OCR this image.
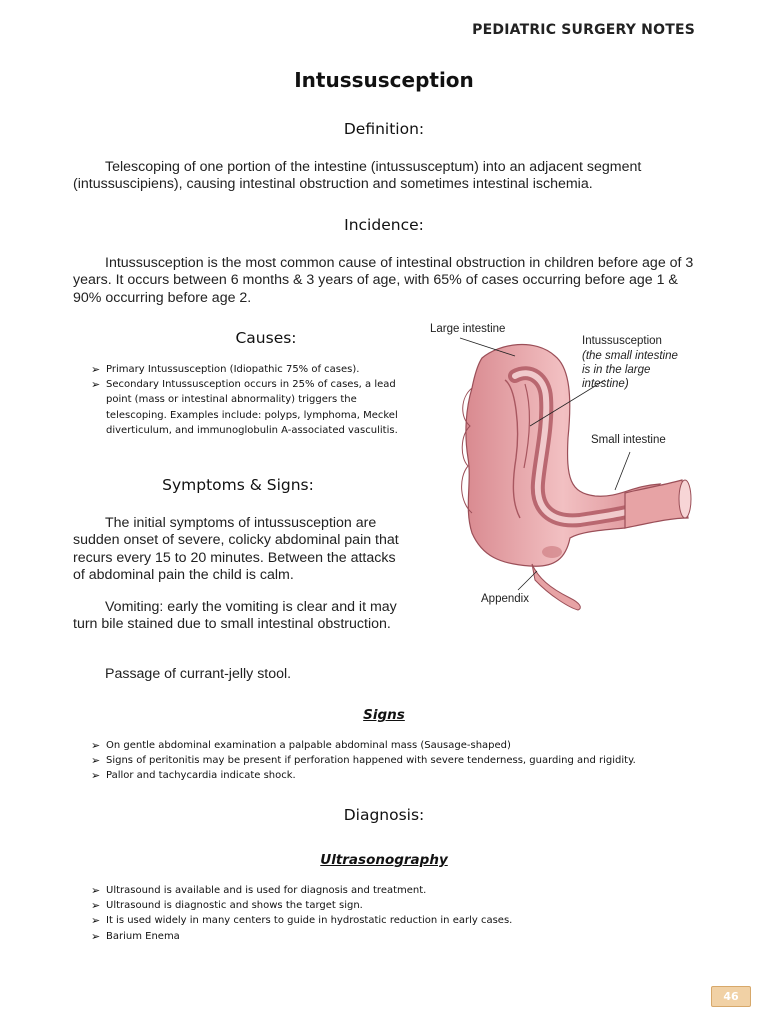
PEDIATRIC SURGERY NOTES
Intussusception
Definition:

Telescoping of one portion of the intestine (intussusceptum) into an adjacent segment (intussuscipiens), causing intestinal obstruction and sometimes intestinal ischemia.

Incidence:

Intussusception is the most common cause of intestinal obstruction in children before age of 3 years. It occurs between 6 months & 3 years of age, with 65% of cases occurring before age 1 & 90% occurring before age 2.

Causes:
➢ Primary Intussusception (Idiopathic 75% of cases).
➢ Secondary Intussusception occurs in 25% of cases, a lead point (mass or intestinal abnormality) triggers the telescoping. Examples include: polyps, lymphoma, Meckel diverticulum, and immunoglobulin A-associated vasculitis.
Symptoms & Signs:

The initial symptoms of intussusception are sudden onset of severe, colicky abdominal pain that recurs every 15 to 20 minutes. Between the attacks of abdominal pain the child is calm.

Vomiting: early the vomiting is clear and it may turn bile stained due to small intestinal obstruction.

Passage of currant-jelly stool.

Large intestine
Intussusception
(the small intestine
is in the large
intestine)
Small intestine
Appendix
Signs
➢ On gentle abdominal examination a palpable abdominal mass (Sausage-shaped)
➢ Signs of peritonitis may be present if perforation happened with severe tenderness, guarding and rigidity.
➢ Pallor and tachycardia indicate shock.
Diagnosis:
Ultrasonography
➢ Ultrasound is available and is used for diagnosis and treatment.
➢ Ultrasound is diagnostic and shows the target sign.
➢ It is used widely in many centers to guide in hydrostatic reduction in early cases.
➢ Barium Enema
46
